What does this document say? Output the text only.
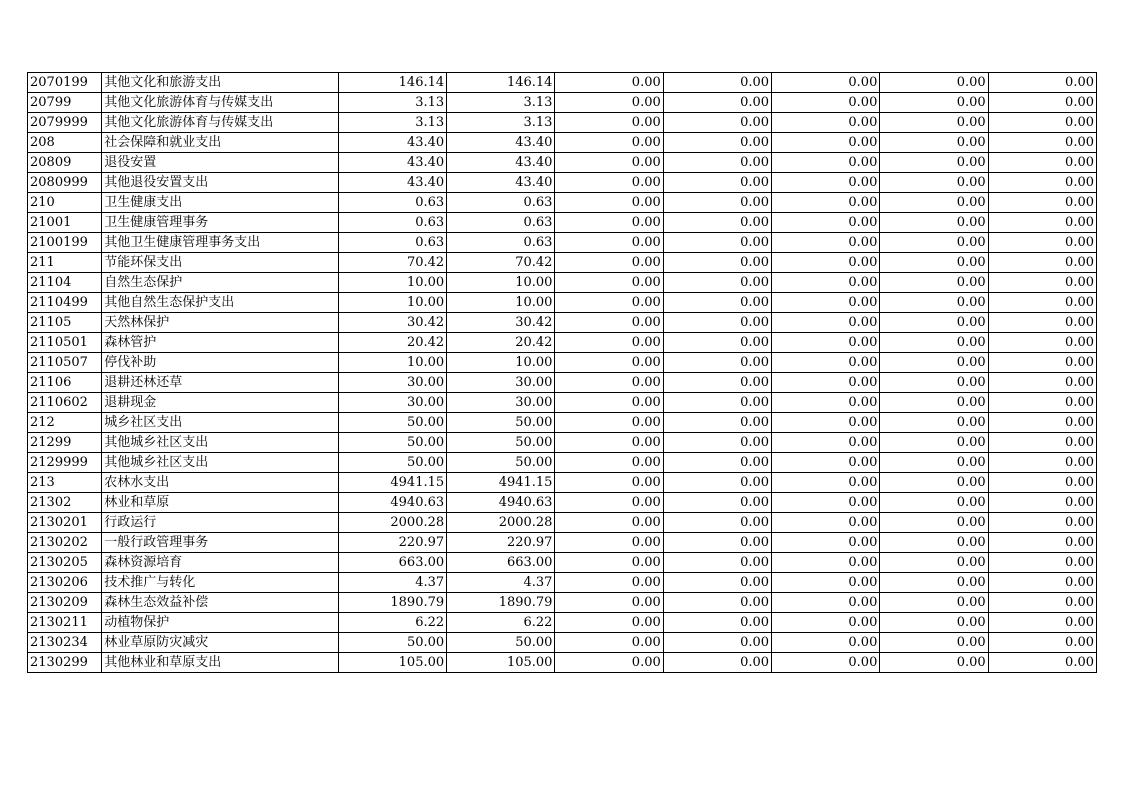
2070199	其他文化和旅游支出	146.14	146.14	0.00	0.00	0.00	0.00	0.00
20799	其他文化旅游体育与传媒支出	3.13	3.13	0.00	0.00	0.00	0.00	0.00
2079999	其他文化旅游体育与传媒支出	3.13	3.13	0.00	0.00	0.00	0.00	0.00
208	社会保障和就业支出	43.40	43.40	0.00	0.00	0.00	0.00	0.00
20809	退役安置	43.40	43.40	0.00	0.00	0.00	0.00	0.00
2080999	其他退役安置支出	43.40	43.40	0.00	0.00	0.00	0.00	0.00
210	卫生健康支出	0.63	0.63	0.00	0.00	0.00	0.00	0.00
21001	卫生健康管理事务	0.63	0.63	0.00	0.00	0.00	0.00	0.00
2100199	其他卫生健康管理事务支出	0.63	0.63	0.00	0.00	0.00	0.00	0.00
211	节能环保支出	70.42	70.42	0.00	0.00	0.00	0.00	0.00
21104	自然生态保护	10.00	10.00	0.00	0.00	0.00	0.00	0.00
2110499	其他自然生态保护支出	10.00	10.00	0.00	0.00	0.00	0.00	0.00
21105	天然林保护	30.42	30.42	0.00	0.00	0.00	0.00	0.00
2110501	森林管护	20.42	20.42	0.00	0.00	0.00	0.00	0.00
2110507	停伐补助	10.00	10.00	0.00	0.00	0.00	0.00	0.00
21106	退耕还林还草	30.00	30.00	0.00	0.00	0.00	0.00	0.00
2110602	退耕现金	30.00	30.00	0.00	0.00	0.00	0.00	0.00
212	城乡社区支出	50.00	50.00	0.00	0.00	0.00	0.00	0.00
21299	其他城乡社区支出	50.00	50.00	0.00	0.00	0.00	0.00	0.00
2129999	其他城乡社区支出	50.00	50.00	0.00	0.00	0.00	0.00	0.00
213	农林水支出	4941.15	4941.15	0.00	0.00	0.00	0.00	0.00
21302	林业和草原	4940.63	4940.63	0.00	0.00	0.00	0.00	0.00
2130201	行政运行	2000.28	2000.28	0.00	0.00	0.00	0.00	0.00
2130202	一般行政管理事务	220.97	220.97	0.00	0.00	0.00	0.00	0.00
2130205	森林资源培育	663.00	663.00	0.00	0.00	0.00	0.00	0.00
2130206	技术推广与转化	4.37	4.37	0.00	0.00	0.00	0.00	0.00
2130209	森林生态效益补偿	1890.79	1890.79	0.00	0.00	0.00	0.00	0.00
2130211	动植物保护	6.22	6.22	0.00	0.00	0.00	0.00	0.00
2130234	林业草原防灾减灾	50.00	50.00	0.00	0.00	0.00	0.00	0.00
2130299	其他林业和草原支出	105.00	105.00	0.00	0.00	0.00	0.00	0.00
